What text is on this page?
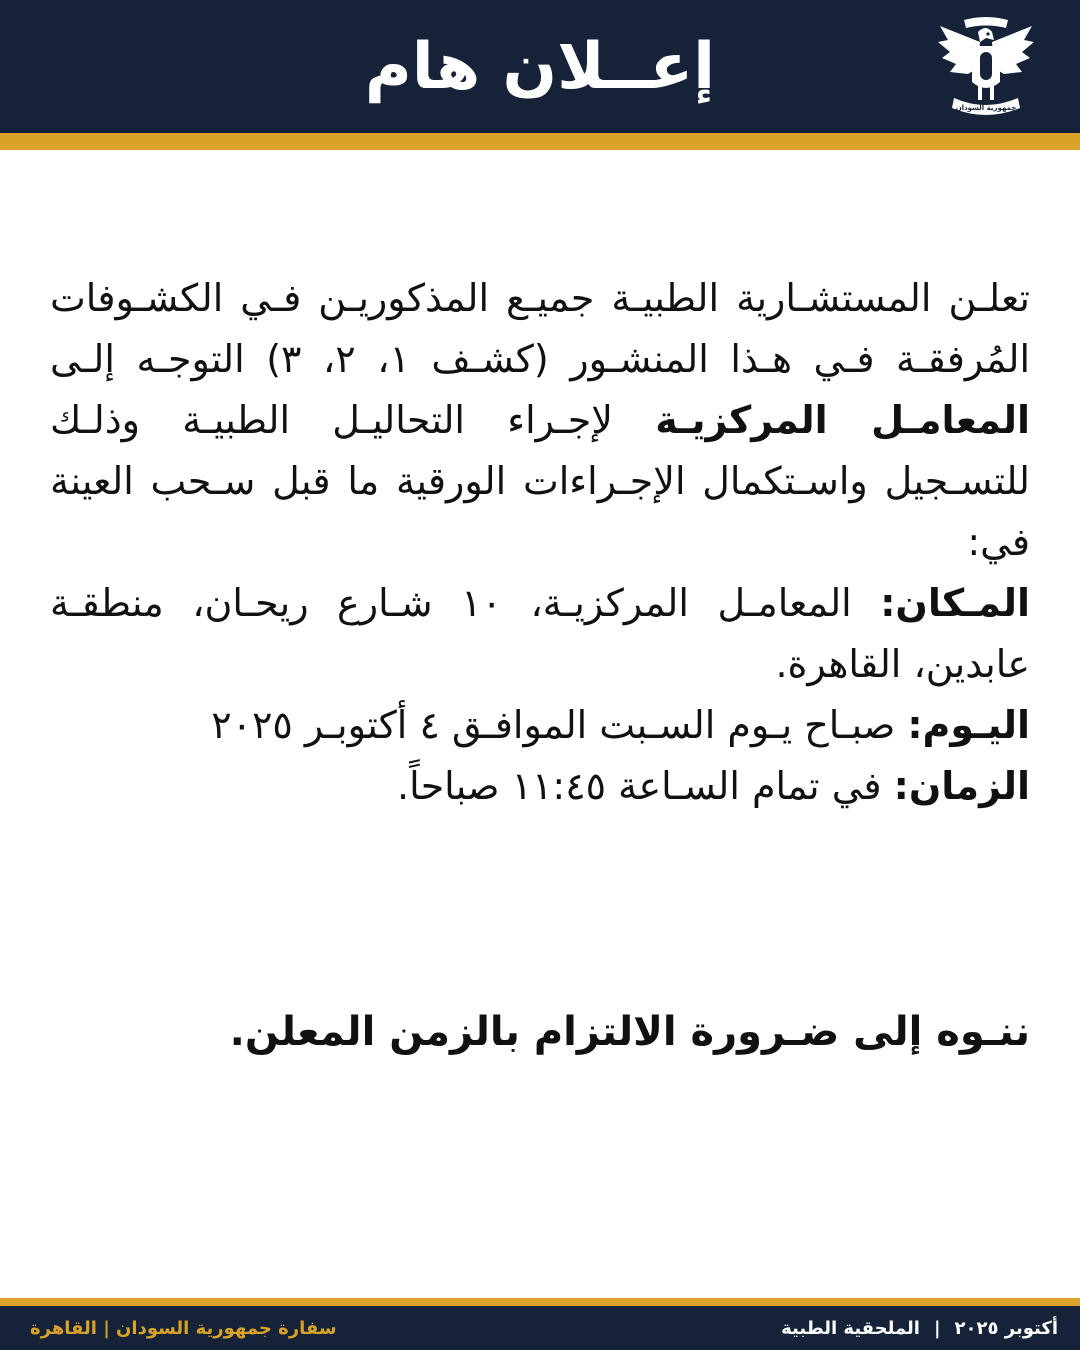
إعــلان هام
جمهورية السودان

تعلـن المستشـارية الطبيـة جميـع المذكوريـن فـي الكشـوفات المُرفقـة فـي هـذا المنشـور (كشـف ١، ٢، ٣) التوجـه إلـى المعامـل المركزيـة لإجـراء التحاليـل الطبيـة وذلـك للتسـجيل واسـتكمال الإجـراءات الورقية ما قبل سـحب العينة في:

المـكان: المعامـل المركزيـة، ١٠ شـارع ريحـان، منطقـة عابدين، القاهرة.

اليـوم: صبـاح يـوم السـبت الموافـق ٤ أكتوبـر ٢٠٢٥

الزمان: في تمام السـاعة ١١:٤٥ صباحاً.

ننـوه إلى ضـرورة الالتزام بالزمن المعلن.
سفارة جمهورية السودان | القاهرة	أكتوبر ٢٠٢٥
|
الملحقية الطبية
